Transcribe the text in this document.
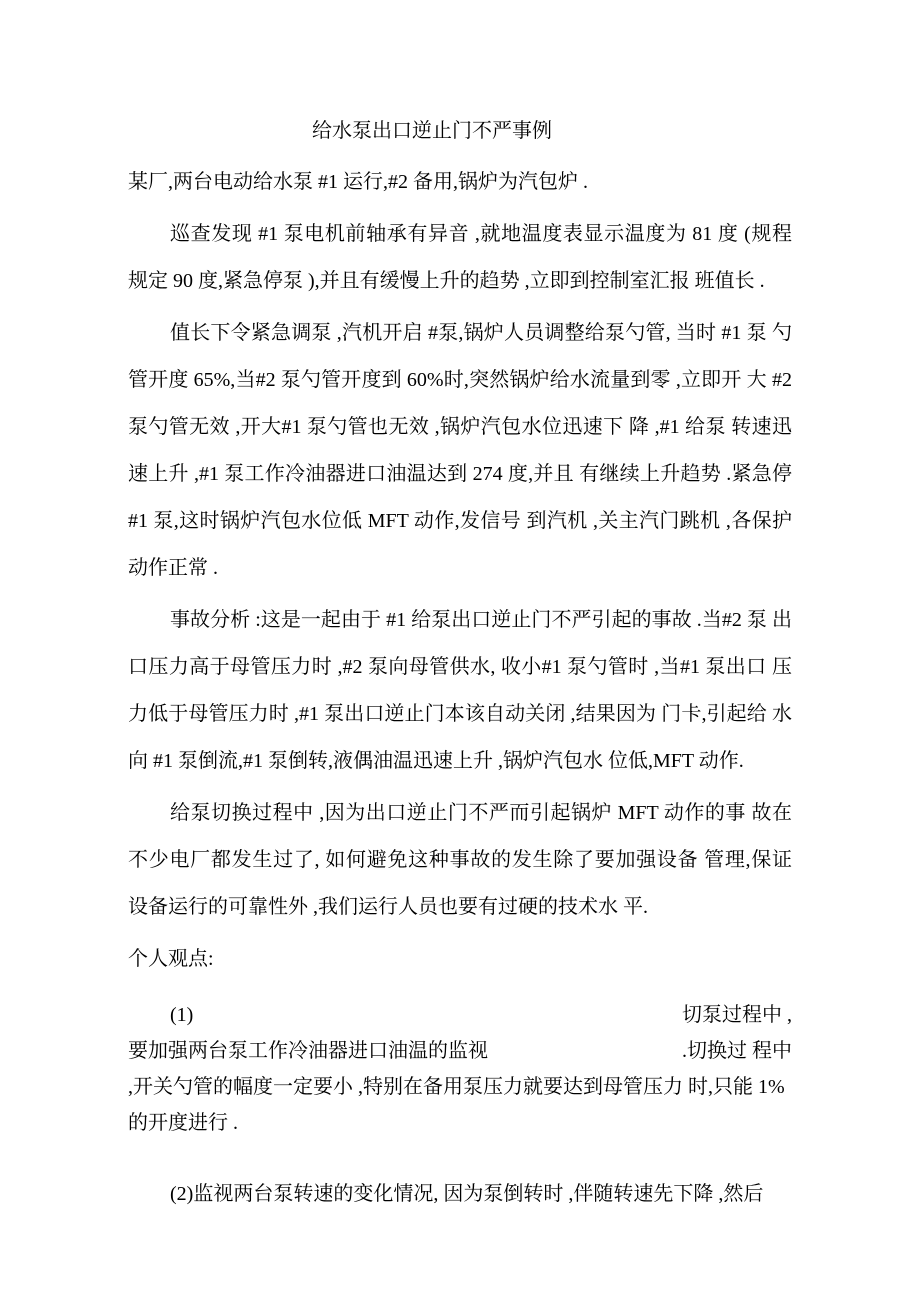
给水泵出口逆止门不严事例

某厂,两台电动给水泵 #1 运行,#2 备用,锅炉为汽包炉 .

巡查发现 #1 泵电机前轴承有异音 ,就地温度表显示温度为 81 度 (规程 规定 90 度,紧急停泵 ),并且有缓慢上升的趋势 ,立即到控制室汇报 班值长 .

值长下令紧急调泵 ,汽机开启 #泵,锅炉人员调整给泵勺管, 当时 #1 泵 勺管开度 65%,当#2 泵勺管开度到 60%时,突然锅炉给水流量到零 ,立即开 大 #2 泵勺管无效 ,开大#1 泵勺管也无效 ,锅炉汽包水位迅速下 降 ,#1 给泵 转速迅速上升 ,#1 泵工作冷油器进口油温达到 274 度,并且 有继续上升趋势 .紧急停#1 泵,这时锅炉汽包水位低 MFT 动作,发信号 到汽机 ,关主汽门跳机 ,各保护动作正常 .

事故分析 :这是一起由于 #1 给泵出口逆止门不严引起的事故 .当#2 泵 出口压力高于母管压力时 ,#2 泵向母管供水, 收小#1 泵勺管时 ,当#1 泵出口 压力低于母管压力时 ,#1 泵出口逆止门本该自动关闭 ,结果因为 门卡,引起给 水向 #1 泵倒流,#1 泵倒转,液偶油温迅速上升 ,锅炉汽包水 位低,MFT 动作.

给泵切换过程中 ,因为出口逆止门不严而引起锅炉 MFT 动作的事 故在 不少电厂都发生过了, 如何避免这种事故的发生除了要加强设备 管理,保证 设备运行的可靠性外 ,我们运行人员也要有过硬的技术水 平.

个人观点:

(1)	切泵过程中 ,
要加强两台泵工作冷油器进口油温的监视	.切换过 程中
,开关勺管的幅度一定要小 ,特别在备用泵压力就要达到母管压力 时,只能 1%
的开度进行 .

(2)监视两台泵转速的变化情况, 因为泵倒转时 ,伴随转速先下降 ,然后
